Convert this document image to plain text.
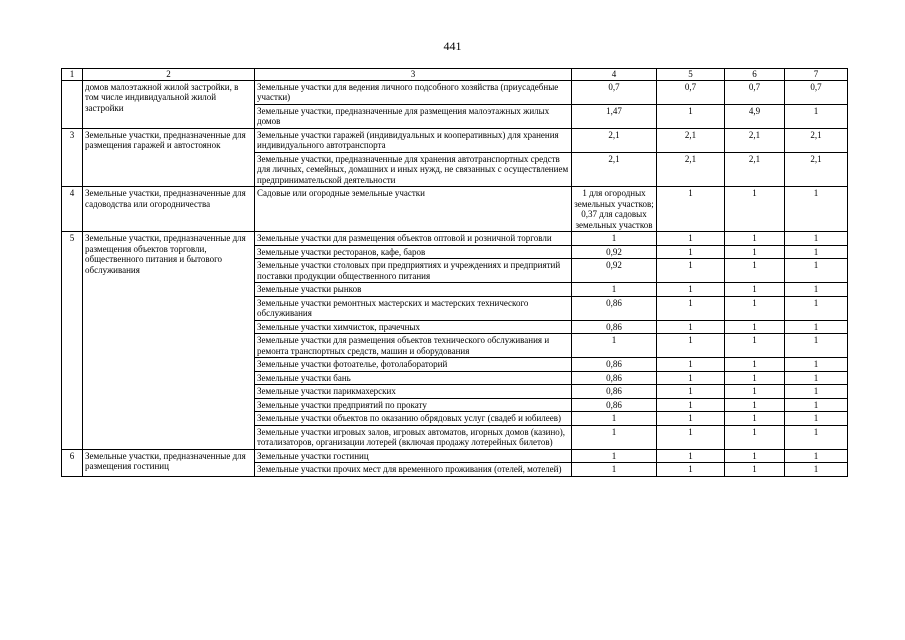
441
1	2	3	4	5	6	7
	домов малоэтажной жилой застройки, в том числе индивидуальной жилой застройки	Земельные участки для ведения личного подсобного хозяйства (приусадебные участки)	0,7	0,7	0,7	0,7
		Земельные участки, предназначенные для размещения малоэтажных жилых домов	1,47	1	4,9	1
3	Земельные участки, предназначенные для размещения гаражей и автостоянок	Земельные участки гаражей (индивидуальных и кооперативных) для хранения индивидуального автотранспорта	2,1	2,1	2,1	2,1
		Земельные участки, предназначенные для хранения автотранспортных средств для личных, семейных, домашних и иных нужд, не связанных с осуществлением предпринимательской деятельности	2,1	2,1	2,1	2,1
4	Земельные участки, предназначенные для садоводства или огородничества	Садовые или огородные земельные участки	1 для огородных земельных участков; 0,37 для садовых земельных участков	1	1	1
5	Земельные участки, предназначенные для размещения объектов торговли, общественного питания и бытового обслуживания	Земельные участки для размещения объектов оптовой и розничной торговли	1	1	1	1
		Земельные участки ресторанов, кафе, баров	0,92	1	1	1
		Земельные участки столовых при предприятиях и учреждениях и предприятий поставки продукции общественного питания	0,92	1	1	1
		Земельные участки рынков	1	1	1	1
		Земельные участки ремонтных мастерских и мастерских технического обслуживания	0,86	1	1	1
		Земельные участки химчисток, прачечных	0,86	1	1	1
		Земельные участки для размещения объектов технического обслуживания и ремонта транспортных средств, машин и оборудования	1	1	1	1
		Земельные участки фотоателье, фотолабораторий	0,86	1	1	1
		Земельные участки бань	0,86	1	1	1
		Земельные участки парикмахерских	0,86	1	1	1
		Земельные участки предприятий по прокату	0,86	1	1	1
		Земельные участки объектов по оказанию обрядовых услуг (свадеб и юбилеев)	1	1	1	1
		Земельные участки игровых залов, игровых автоматов, игорных домов (казино), тотализаторов, организации лотерей (включая продажу лотерейных билетов)	1	1	1	1
6	Земельные участки, предназначенные для размещения гостиниц	Земельные участки гостиниц	1	1	1	1
		Земельные участки прочих мест для временного проживания (отелей, мотелей)	1	1	1	1
